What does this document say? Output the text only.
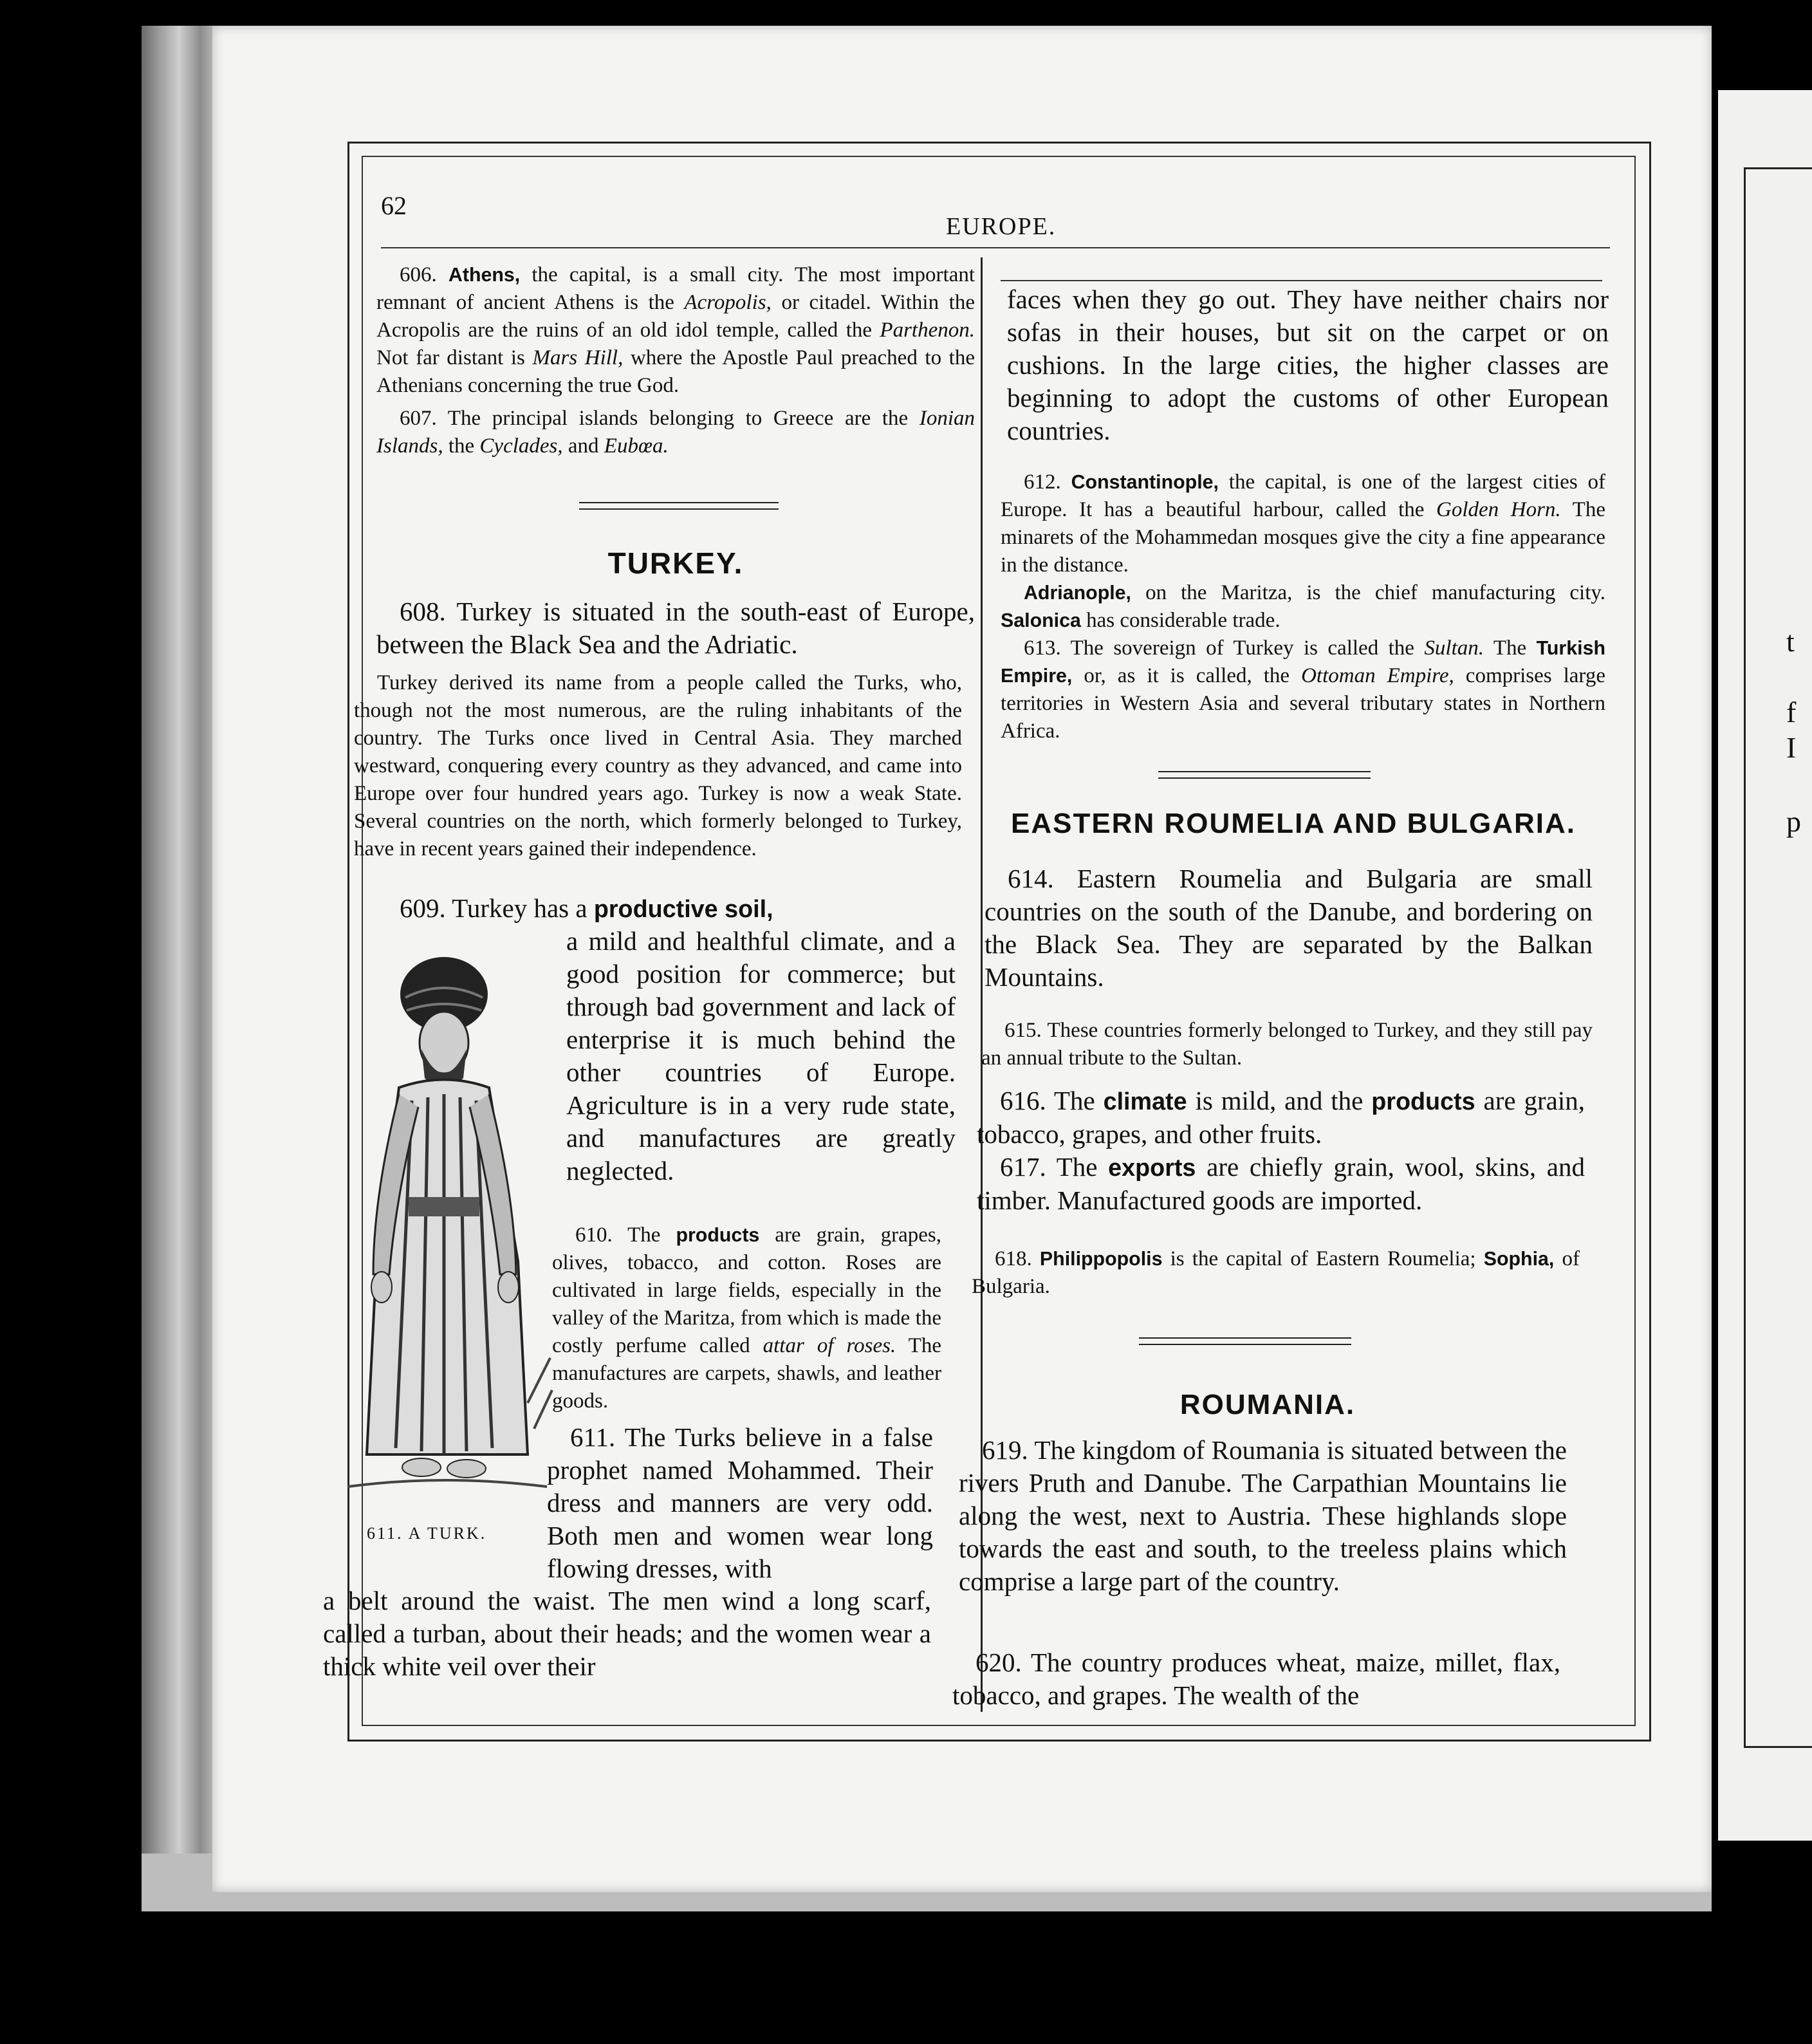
t
f
I
p
62
EUROPE.

606. Athens, the capital, is a small city. The most important remnant of ancient Athens is the Acropolis, or citadel. Within the Acropolis are the ruins of an old idol temple, called the Parthenon. Not far distant is Mars Hill, where the Apostle Paul preached to the Athenians concerning the true God.

607. The principal islands belonging to Greece are the Ionian Islands, the Cyclades, and Eubœa.

TURKEY.

608. Turkey is situated in the south-east of Europe, between the Black Sea and the Adriatic.

Turkey derived its name from a people called the Turks, who, though not the most numerous, are the ruling inhabitants of the country. The Turks once lived in Central Asia. They marched westward, conquering every country as they advanced, and came into Europe over four hundred years ago. Turkey is now a weak State. Several countries on the north, which formerly belonged to Turkey, have in recent years gained their independence.

609. Turkey has a productive soil,

a mild and healthful climate, and a good position for commerce; but through bad government and lack of enterprise it is much behind the other countries of Europe. Agriculture is in a very rude state, and manufactures are greatly neglected.

611. A TURK.

610. The products are grain, grapes, olives, tobacco, and cotton. Roses are cultivated in large fields, especially in the valley of the Maritza, from which is made the costly perfume called attar of roses. The manufactures are carpets, shawls, and leather goods.

611. The Turks believe in a false prophet named Mohammed. Their dress and manners are very odd. Both men and women wear long flowing dresses, with

a belt around the waist. The men wind a long scarf, called a turban, about their heads; and the women wear a thick white veil over their

faces when they go out. They have neither chairs nor sofas in their houses, but sit on the carpet or on cushions. In the large cities, the higher classes are beginning to adopt the customs of other European countries.

612. Constantinople, the capital, is one of the largest cities of Europe. It has a beautiful harbour, called the Golden Horn. The minarets of the Mohammedan mosques give the city a fine appearance in the distance.

Adrianople, on the Maritza, is the chief manufacturing city. Salonica has considerable trade.

613. The sovereign of Turkey is called the Sultan. The Turkish Empire, or, as it is called, the Ottoman Empire, comprises large territories in Western Asia and several tributary states in Northern Africa.

EASTERN ROUMELIA AND BULGARIA.

614. Eastern Roumelia and Bulgaria are small countries on the south of the Danube, and bordering on the Black Sea. They are separated by the Balkan Mountains.

615. These countries formerly belonged to Turkey, and they still pay an annual tribute to the Sultan.

616. The climate is mild, and the products are grain, tobacco, grapes, and other fruits.

617. The exports are chiefly grain, wool, skins, and timber. Manufactured goods are imported.

618. Philippopolis is the capital of Eastern Roumelia; Sophia, of Bulgaria.

ROUMANIA.

619. The kingdom of Roumania is situated between the rivers Pruth and Danube. The Carpathian Mountains lie along the west, next to Austria. These highlands slope towards the east and south, to the treeless plains which comprise a large part of the country.

620. The country produces wheat, maize, millet, flax, tobacco, and grapes. The wealth of the
